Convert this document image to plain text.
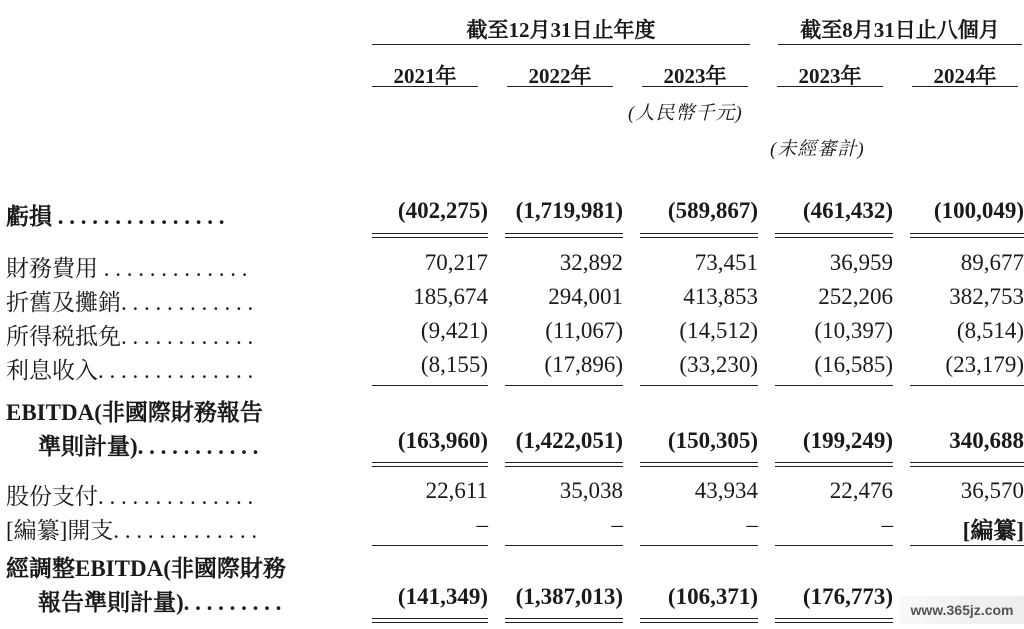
截至12月31日止年度	截至8月31日止八個月
2021年	2022年	2023年	2023年	2024年
(人民幣千元)
(未經審計)
虧損 . . . . . . . . . . . . . . .	(402,275)	(1,719,981)	(589,867)	(461,432)	(100,049)
財務費用 . . . . . . . . . . . . .	70,217	32,892	73,451	36,959	89,677
折舊及攤銷. . . . . . . . . . . .	185,674	294,001	413,853	252,206	382,753
所得税抵免. . . . . . . . . . . .	(9,421)	(11,067)	(14,512)	(10,397)	(8,514)
利息收入. . . . . . . . . . . . . .	(8,155)	(17,896)	(33,230)	(16,585)	(23,179)
EBITDA(非國際財務報告
準則計量). . . . . . . . . . .	(163,960)	(1,422,051)	(150,305)	(199,249)	340,688
股份支付. . . . . . . . . . . . . .	22,611	35,038	43,934	22,476	36,570
[編纂]開支. . . . . . . . . . . . .	–	–	–	–	[編纂]
經調整EBITDA(非國際財務
報告準則計量). . . . . . . . .	(141,349)	(1,387,013)	(106,371)	(176,773)
www.365jz.com
